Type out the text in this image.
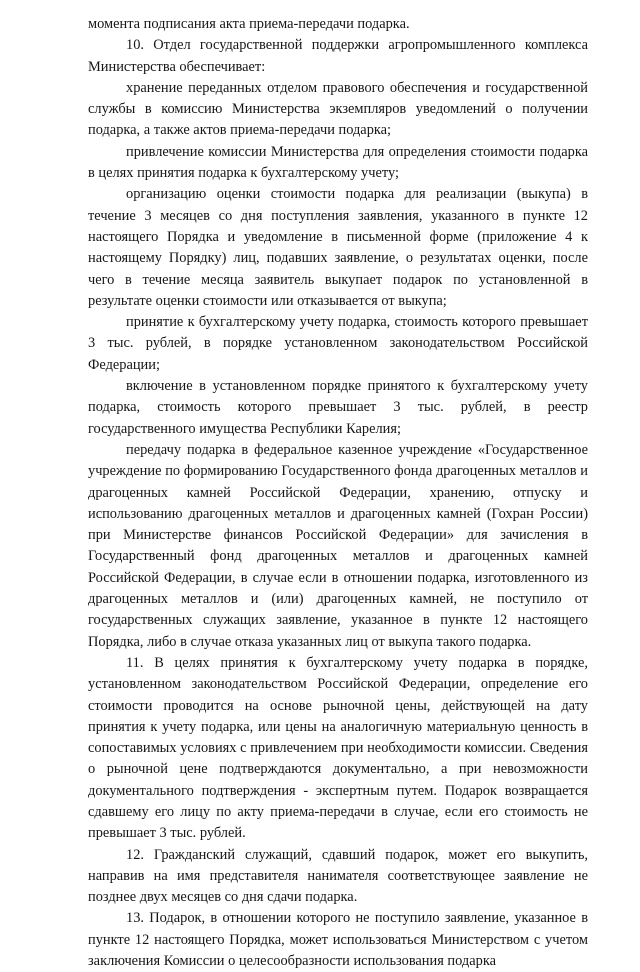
момента подписания акта приема-передачи подарка.

10. Отдел государственной поддержки агропромышленного комплекса Министерства обеспечивает:

хранение переданных отделом правового обеспечения и государственной службы в комиссию Министерства экземпляров уведомлений о получении подарка, а также актов приема-передачи подарка;

привлечение комиссии Министерства для определения стоимости подарка в целях принятия подарка к бухгалтерскому учету;

организацию оценки стоимости подарка для реализации (выкупа) в течение 3 месяцев со дня поступления заявления, указанного в пункте 12 настоящего Порядка и уведомление в письменной форме (приложение 4 к настоящему Порядку) лиц, подавших заявление, о результатах оценки, после чего в течение месяца заявитель выкупает подарок по установленной в результате оценки стоимости или отказывается от выкупа;

принятие к бухгалтерскому учету подарка, стоимость которого превышает 3 тыс. рублей, в порядке установленном законодательством Российской Федерации;

включение в установленном порядке принятого к бухгалтерскому учету подарка, стоимость которого превышает 3 тыс. рублей, в реестр государственного имущества Республики Карелия;

передачу подарка в федеральное казенное учреждение «Государственное учреждение по формированию Государственного фонда драгоценных металлов и драгоценных камней Российской Федерации, хранению, отпуску и использованию драгоценных металлов и драгоценных камней (Гохран России) при Министерстве финансов Российской Федерации» для зачисления в Государственный фонд драгоценных металлов и драгоценных камней Российской Федерации, в случае если в отношении подарка, изготовленного из драгоценных металлов и (или) драгоценных камней, не поступило от государственных служащих заявление, указанное в пункте 12 настоящего Порядка, либо в случае отказа указанных лиц от выкупа такого подарка.

11. В целях принятия к бухгалтерскому учету подарка в порядке, установленном законодательством Российской Федерации, определение его стоимости проводится на основе рыночной цены, действующей на дату принятия к учету подарка, или цены на аналогичную материальную ценность в сопоставимых условиях с привлечением при необходимости комиссии. Сведения о рыночной цене подтверждаются документально, а при невозможности документального подтверждения - экспертным путем. Подарок возвращается сдавшему его лицу по акту приема-передачи в случае, если его стоимость не превышает 3 тыс. рублей.

12. Гражданский служащий, сдавший подарок, может его выкупить, направив на имя представителя нанимателя соответствующее заявление не позднее двух месяцев со дня сдачи подарка.

13. Подарок, в отношении которого не поступило заявление, указанное в пункте 12 настоящего Порядка, может использоваться Министерством с учетом заключения Комиссии о целесообразности использования подарка
